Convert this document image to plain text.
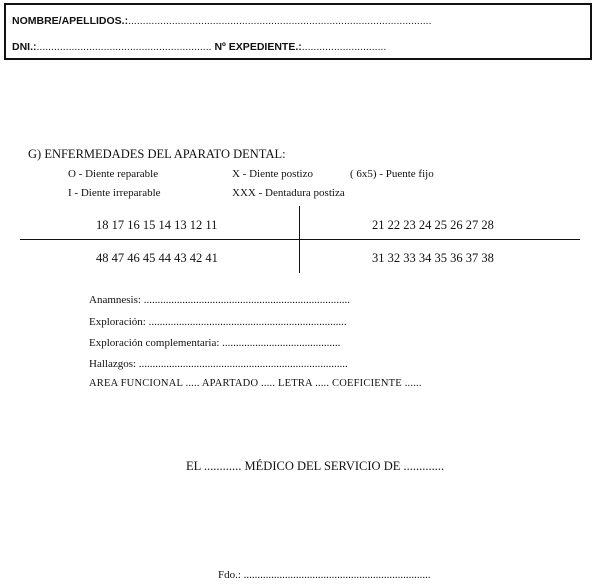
NOMBRE/APELLIDOS.:........................................................................................................
DNI.:............................................................ Nº EXPEDIENTE.:.............................
G) ENFERMEDADES DEL APARATO DENTAL:
O - Diente reparable	X - Diente postizo	( 6x5) - Puente fijo
I - Diente irreparable	XXX - Dentadura postiza
18 17 16 15 14 13 12 11	21 22 23 24 25 26 27 28
48 47 46 45 44 43 42 41	31 32 33 34 35 36 37 38
Anamnesis: ...........................................................................
Exploración: ........................................................................
Exploración complementaria: ...........................................
Hallazgos: ............................................................................
AREA FUNCIONAL ..... APARTADO ..... LETRA ..... COEFICIENTE ......
EL ............ MÉDICO DEL SERVICIO DE .............
Fdo.: ....................................................................
